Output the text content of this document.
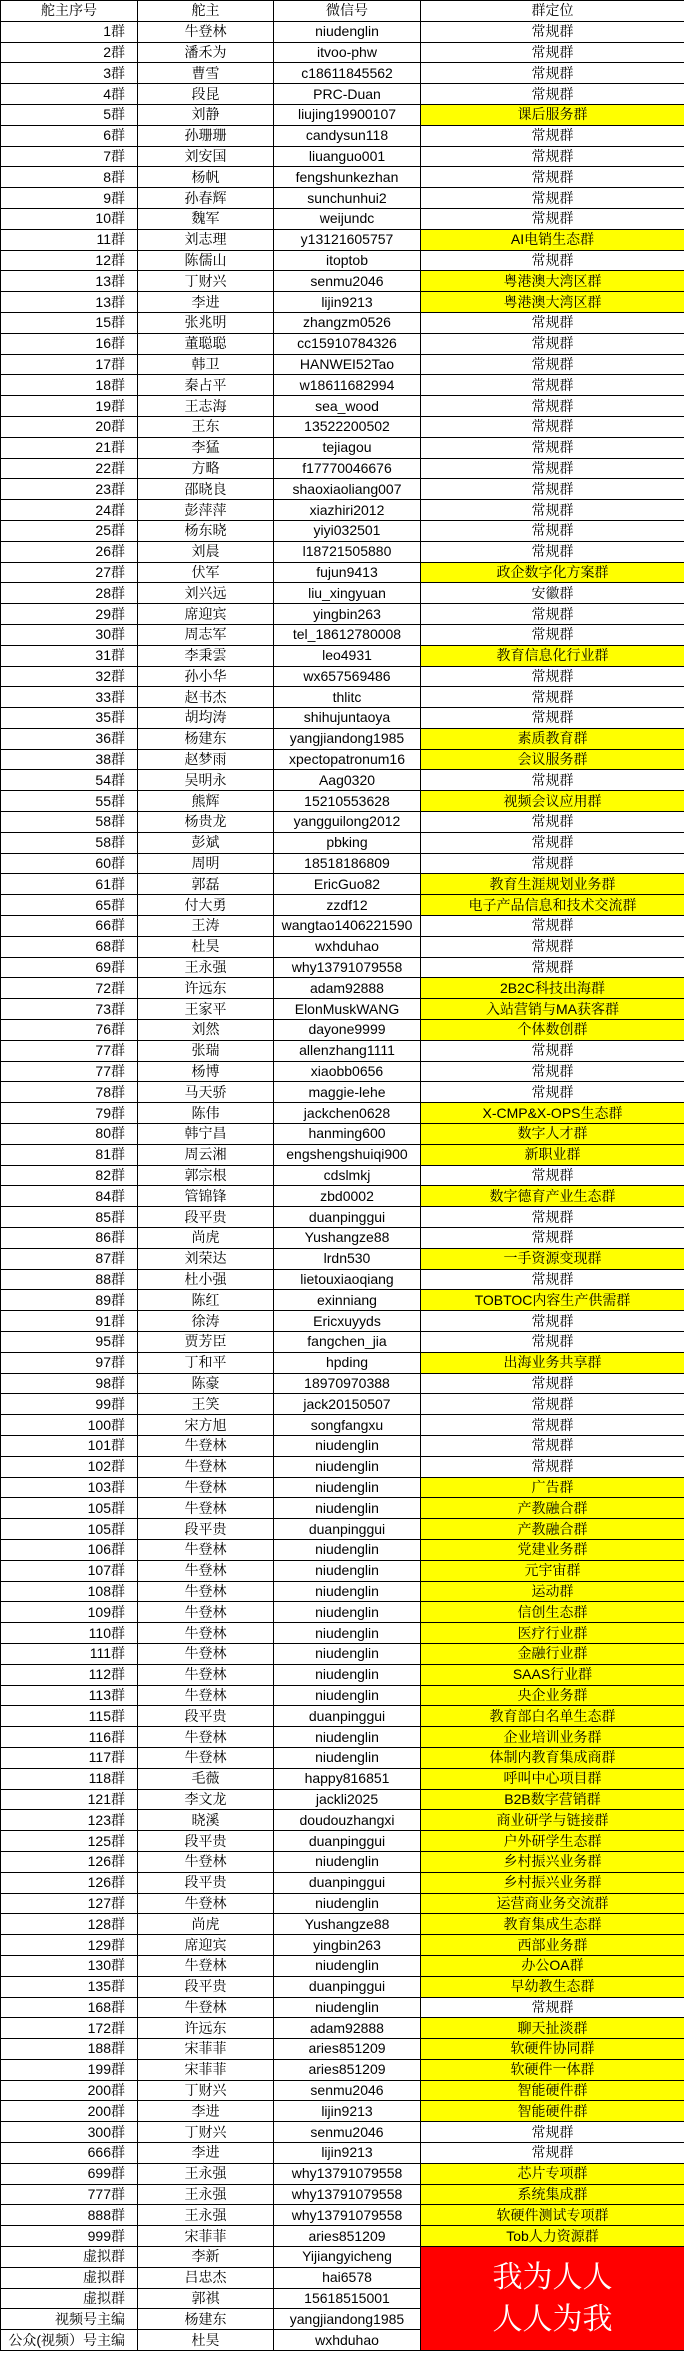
舵主序号	舵主	微信号	群定位
1群	牛登林	niudenglin	常规群
2群	潘禾为	itvoo-phw	常规群
3群	曹雪	c18611845562	常规群
4群	段昆	PRC-Duan	常规群
5群	刘静	liujing19900107	课后服务群
6群	孙珊珊	candysun118	常规群
7群	刘安国	liuanguo001	常规群
8群	杨帆	fengshunkezhan	常规群
9群	孙春辉	sunchunhui2	常规群
10群	魏军	weijundc	常规群
11群	刘志理	y13121605757	AI电销生态群
12群	陈儒山	itoptob	常规群
13群	丁财兴	senmu2046	粤港澳大湾区群
13群	李进	lijin9213	粤港澳大湾区群
15群	张兆明	zhangzm0526	常规群
16群	董聪聪	cc15910784326	常规群
17群	韩卫	HANWEI52Tao	常规群
18群	秦占平	w18611682994	常规群
19群	王志海	sea_wood	常规群
20群	王东	13522200502	常规群
21群	李猛	tejiagou	常规群
22群	方略	f17770046676	常规群
23群	邵晓良	shaoxiaoliang007	常规群
24群	彭萍萍	xiazhiri2012	常规群
25群	杨东晓	yiyi032501	常规群
26群	刘晨	l18721505880	常规群
27群	伏军	fujun9413	政企数字化方案群
28群	刘兴远	liu_xingyuan	安徽群
29群	席迎宾	yingbin263	常规群
30群	周志军	tel_18612780008	常规群
31群	李秉雲	leo4931	教育信息化行业群
32群	孙小华	wx657569486	常规群
33群	赵书杰	thlitc	常规群
35群	胡均涛	shihujuntaoya	常规群
36群	杨建东	yangjiandong1985	素质教育群
38群	赵梦雨	xpectopatronum16	会议服务群
54群	吴明永	Aag0320	常规群
55群	熊辉	15210553628	视频会议应用群
58群	杨贵龙	yangguilong2012	常规群
58群	彭斌	pbking	常规群
60群	周明	18518186809	常规群
61群	郭磊	EricGuo82	教育生涯规划业务群
65群	付大勇	zzdf12	电子产品信息和技术交流群
66群	王涛	wangtao1406221590	常规群
68群	杜昊	wxhduhao	常规群
69群	王永强	why13791079558	常规群
72群	许远东	adam92888	2B2C科技出海群
73群	王家平	ElonMuskWANG	入站营销与MA获客群
76群	刘然	dayone9999	个体数创群
77群	张瑞	allenzhang1111	常规群
77群	杨博	xiaobb0656	常规群
78群	马天骄	maggie-lehe	常规群
79群	陈伟	jackchen0628	X-CMP&X-OPS生态群
80群	韩宁昌	hanming600	数字人才群
81群	周云湘	engshengshuiqi900	新职业群
82群	郭宗根	cdslmkj	常规群
84群	管锦锋	zbd0002	数字德育产业生态群
85群	段平贵	duanpinggui	常规群
86群	尚虎	Yushangze88	常规群
87群	刘荣达	lrdn530	一手资源变现群
88群	杜小强	lietouxiaoqiang	常规群
89群	陈红	exinniang	TOBTOC内容生产供需群
91群	徐涛	Ericxuyyds	常规群
95群	贾芳臣	fangchen_jia	常规群
97群	丁和平	hpding	出海业务共享群
98群	陈豪	18970970388	常规群
99群	王笑	jack20150507	常规群
100群	宋方旭	songfangxu	常规群
101群	牛登林	niudenglin	常规群
102群	牛登林	niudenglin	常规群
103群	牛登林	niudenglin	广告群
105群	牛登林	niudenglin	产教融合群
105群	段平贵	duanpinggui	产教融合群
106群	牛登林	niudenglin	党建业务群
107群	牛登林	niudenglin	元宇宙群
108群	牛登林	niudenglin	运动群
109群	牛登林	niudenglin	信创生态群
110群	牛登林	niudenglin	医疗行业群
111群	牛登林	niudenglin	金融行业群
112群	牛登林	niudenglin	SAAS行业群
113群	牛登林	niudenglin	央企业务群
115群	段平贵	duanpinggui	教育部白名单生态群
116群	牛登林	niudenglin	企业培训业务群
117群	牛登林	niudenglin	体制内教育集成商群
118群	毛薇	happy816851	呼叫中心项目群
121群	李文龙	jackli2025	B2B数字营销群
123群	晓溪	doudouzhangxi	商业研学与链接群
125群	段平贵	duanpinggui	户外研学生态群
126群	牛登林	niudenglin	乡村振兴业务群
126群	段平贵	duanpinggui	乡村振兴业务群
127群	牛登林	niudenglin	运营商业务交流群
128群	尚虎	Yushangze88	教育集成生态群
129群	席迎宾	yingbin263	西部业务群
130群	牛登林	niudenglin	办公OA群
135群	段平贵	duanpinggui	早幼教生态群
168群	牛登林	niudenglin	常规群
172群	许远东	adam92888	聊天扯淡群
188群	宋菲菲	aries851209	软硬件协同群
199群	宋菲菲	aries851209	软硬件一体群
200群	丁财兴	senmu2046	智能硬件群
200群	李进	lijin9213	智能硬件群
300群	丁财兴	senmu2046	常规群
666群	李进	lijin9213	常规群
699群	王永强	why13791079558	芯片专项群
777群	王永强	why13791079558	系统集成群
888群	王永强	why13791079558	软硬件测试专项群
999群	宋菲菲	aries851209	Tob人力资源群
虚拟群	李新	Yijiangyicheng	我为人人
人人为我

虚拟群	吕忠杰	hai6578	
虚拟群	郭祺	15618515001	
视频号主编	杨建东	yangjiandong1985	
公众(视频）号主编	杜昊	wxhduhao	
